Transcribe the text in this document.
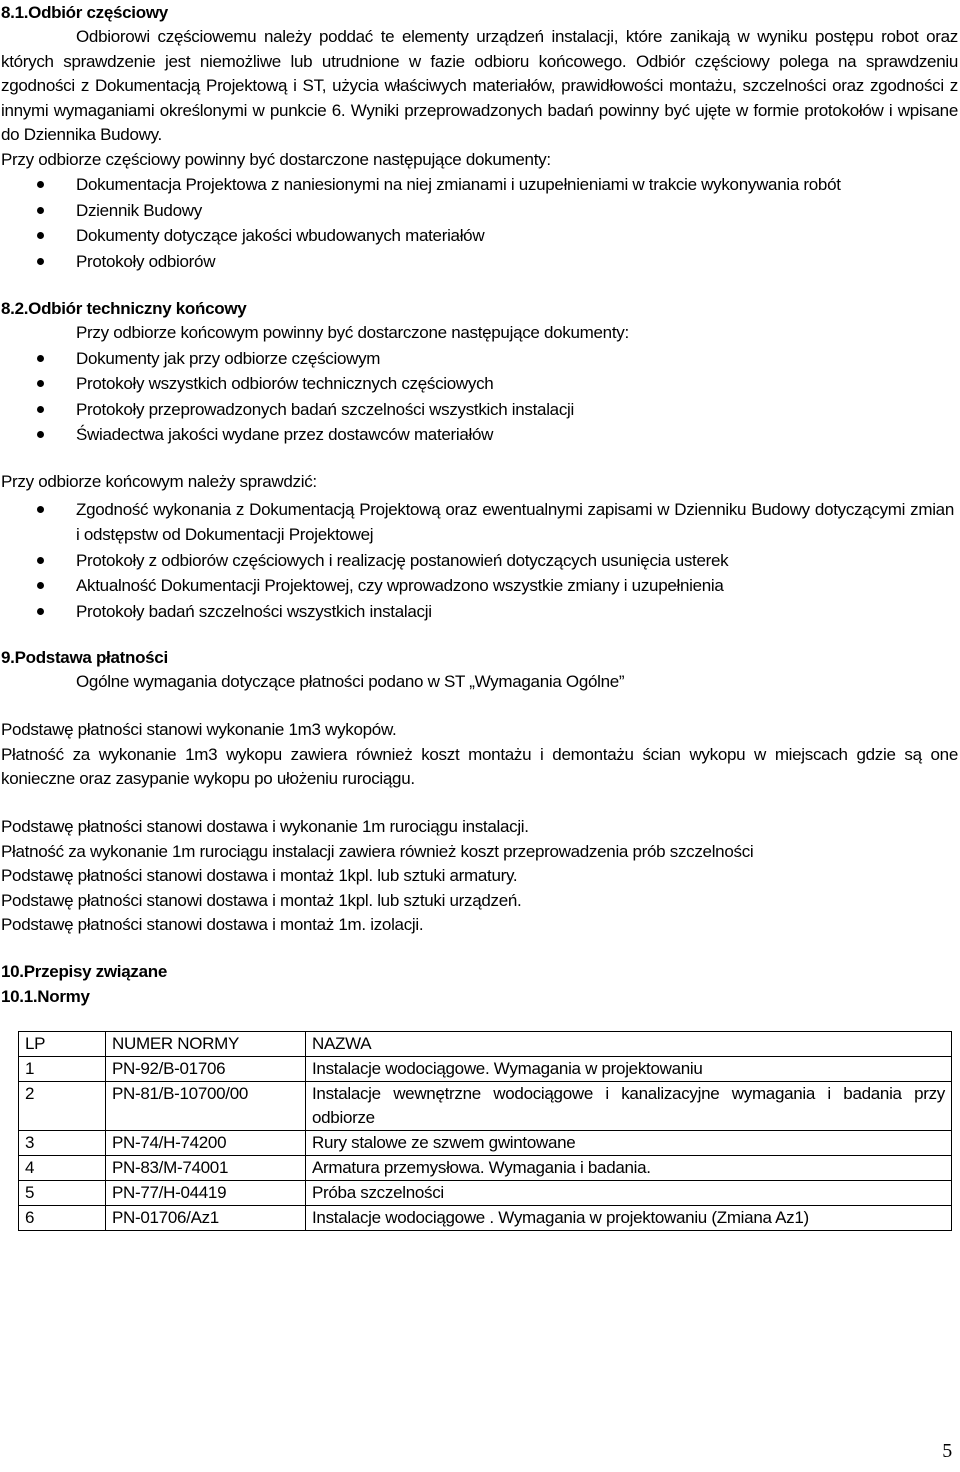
8.1.Odbiór częściowy

Odbiorowi częściowemu należy poddać te elementy urządzeń instalacji, które zanikają w wyniku postępu robot oraz których sprawdzenie jest niemożliwe lub utrudnione w fazie odbioru końcowego. Odbiór częściowy polega na sprawdzeniu zgodności z Dokumentacją Projektową i ST, użycia właściwych materiałów, prawidłowości montażu, szczelności oraz zgodności z innymi wymaganiami określonymi w punkcie 6. Wyniki przeprowadzonych badań powinny być ujęte w formie protokołów i wpisane do Dziennika Budowy.

Przy odbiorze częściowy powinny być dostarczone następujące dokumenty:

Dokumentacja Projektowa z naniesionymi na niej zmianami i uzupełnieniami w trakcie wykonywania robót
Dziennik Budowy
Dokumenty dotyczące jakości wbudowanych materiałów
Protokoły odbiorów

8.2.Odbiór techniczny końcowy

Przy odbiorze końcowym powinny być dostarczone następujące dokumenty:

Dokumenty jak przy odbiorze częściowym
Protokoły wszystkich odbiorów technicznych częściowych
Protokoły przeprowadzonych badań szczelności wszystkich instalacji
Świadectwa jakości wydane przez dostawców materiałów

Przy odbiorze końcowym należy sprawdzić:

Zgodność wykonania z Dokumentacją Projektową oraz ewentualnymi zapisami w Dzienniku Budowy dotyczącymi zmian i odstępstw od Dokumentacji Projektowej
Protokoły z odbiorów częściowych i realizację postanowień dotyczących usunięcia usterek
Aktualność Dokumentacji Projektowej, czy wprowadzono wszystkie zmiany i uzupełnienia
Protokoły badań szczelności wszystkich instalacji

9.Podstawa płatności

Ogólne wymagania dotyczące płatności podano w ST „Wymagania Ogólne”

Podstawę płatności stanowi wykonanie 1m3 wykopów.

Płatność za wykonanie 1m3 wykopu zawiera również koszt montażu i demontażu ścian wykopu w miejscach gdzie są one konieczne oraz zasypanie wykopu po ułożeniu rurociągu.

Podstawę płatności stanowi dostawa i wykonanie 1m rurociągu instalacji.

Płatność za wykonanie 1m rurociągu instalacji zawiera również koszt przeprowadzenia prób szczelności

Podstawę płatności stanowi dostawa i montaż 1kpl. lub sztuki armatury.

Podstawę płatności stanowi dostawa i montaż 1kpl. lub sztuki urządzeń.

Podstawę płatności stanowi dostawa i montaż 1m. izolacji.

10.Przepisy związane

10.1.Normy

LP	NUMER NORMY	NAZWA
1	PN-92/B-01706	Instalacje wodociągowe. Wymagania w projektowaniu
2	PN-81/B-10700/00	Instalacje wewnętrzne wodociągowe i kanalizacyjne wymagania i badania przy odbiorze
3	PN-74/H-74200	Rury stalowe ze szwem gwintowane
4	PN-83/M-74001	Armatura przemysłowa. Wymagania i badania.
5	PN-77/H-04419	Próba szczelności
6	PN-01706/Az1	Instalacje wodociągowe . Wymagania w projektowaniu (Zmiana Az1)
5
